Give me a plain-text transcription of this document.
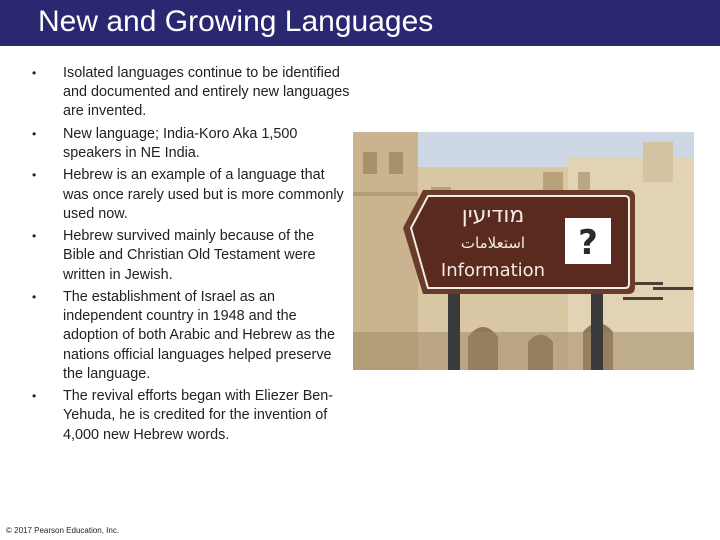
New and Growing Languages
• Isolated languages continue to be identified and documented and entirely new languages are invented.
• New language; India-Koro Aka 1,500 speakers in NE India.
• Hebrew is an example of a language that was once rarely used but is more commonly used now.
• Hebrew survived mainly because of the Bible and Christian Old Testament were written in Jewish.
• The establishment of Israel as an independent country in 1948 and the adoption of both Arabic and Hebrew as the nations official languages helped preserve the language.
• The revival efforts began with Eliezer Ben- Yehuda, he is credited for the invention of 4,000 new Hebrew words.
?
מודיעין
استعلامات
Information
© 2017 Pearson Education, Inc.
